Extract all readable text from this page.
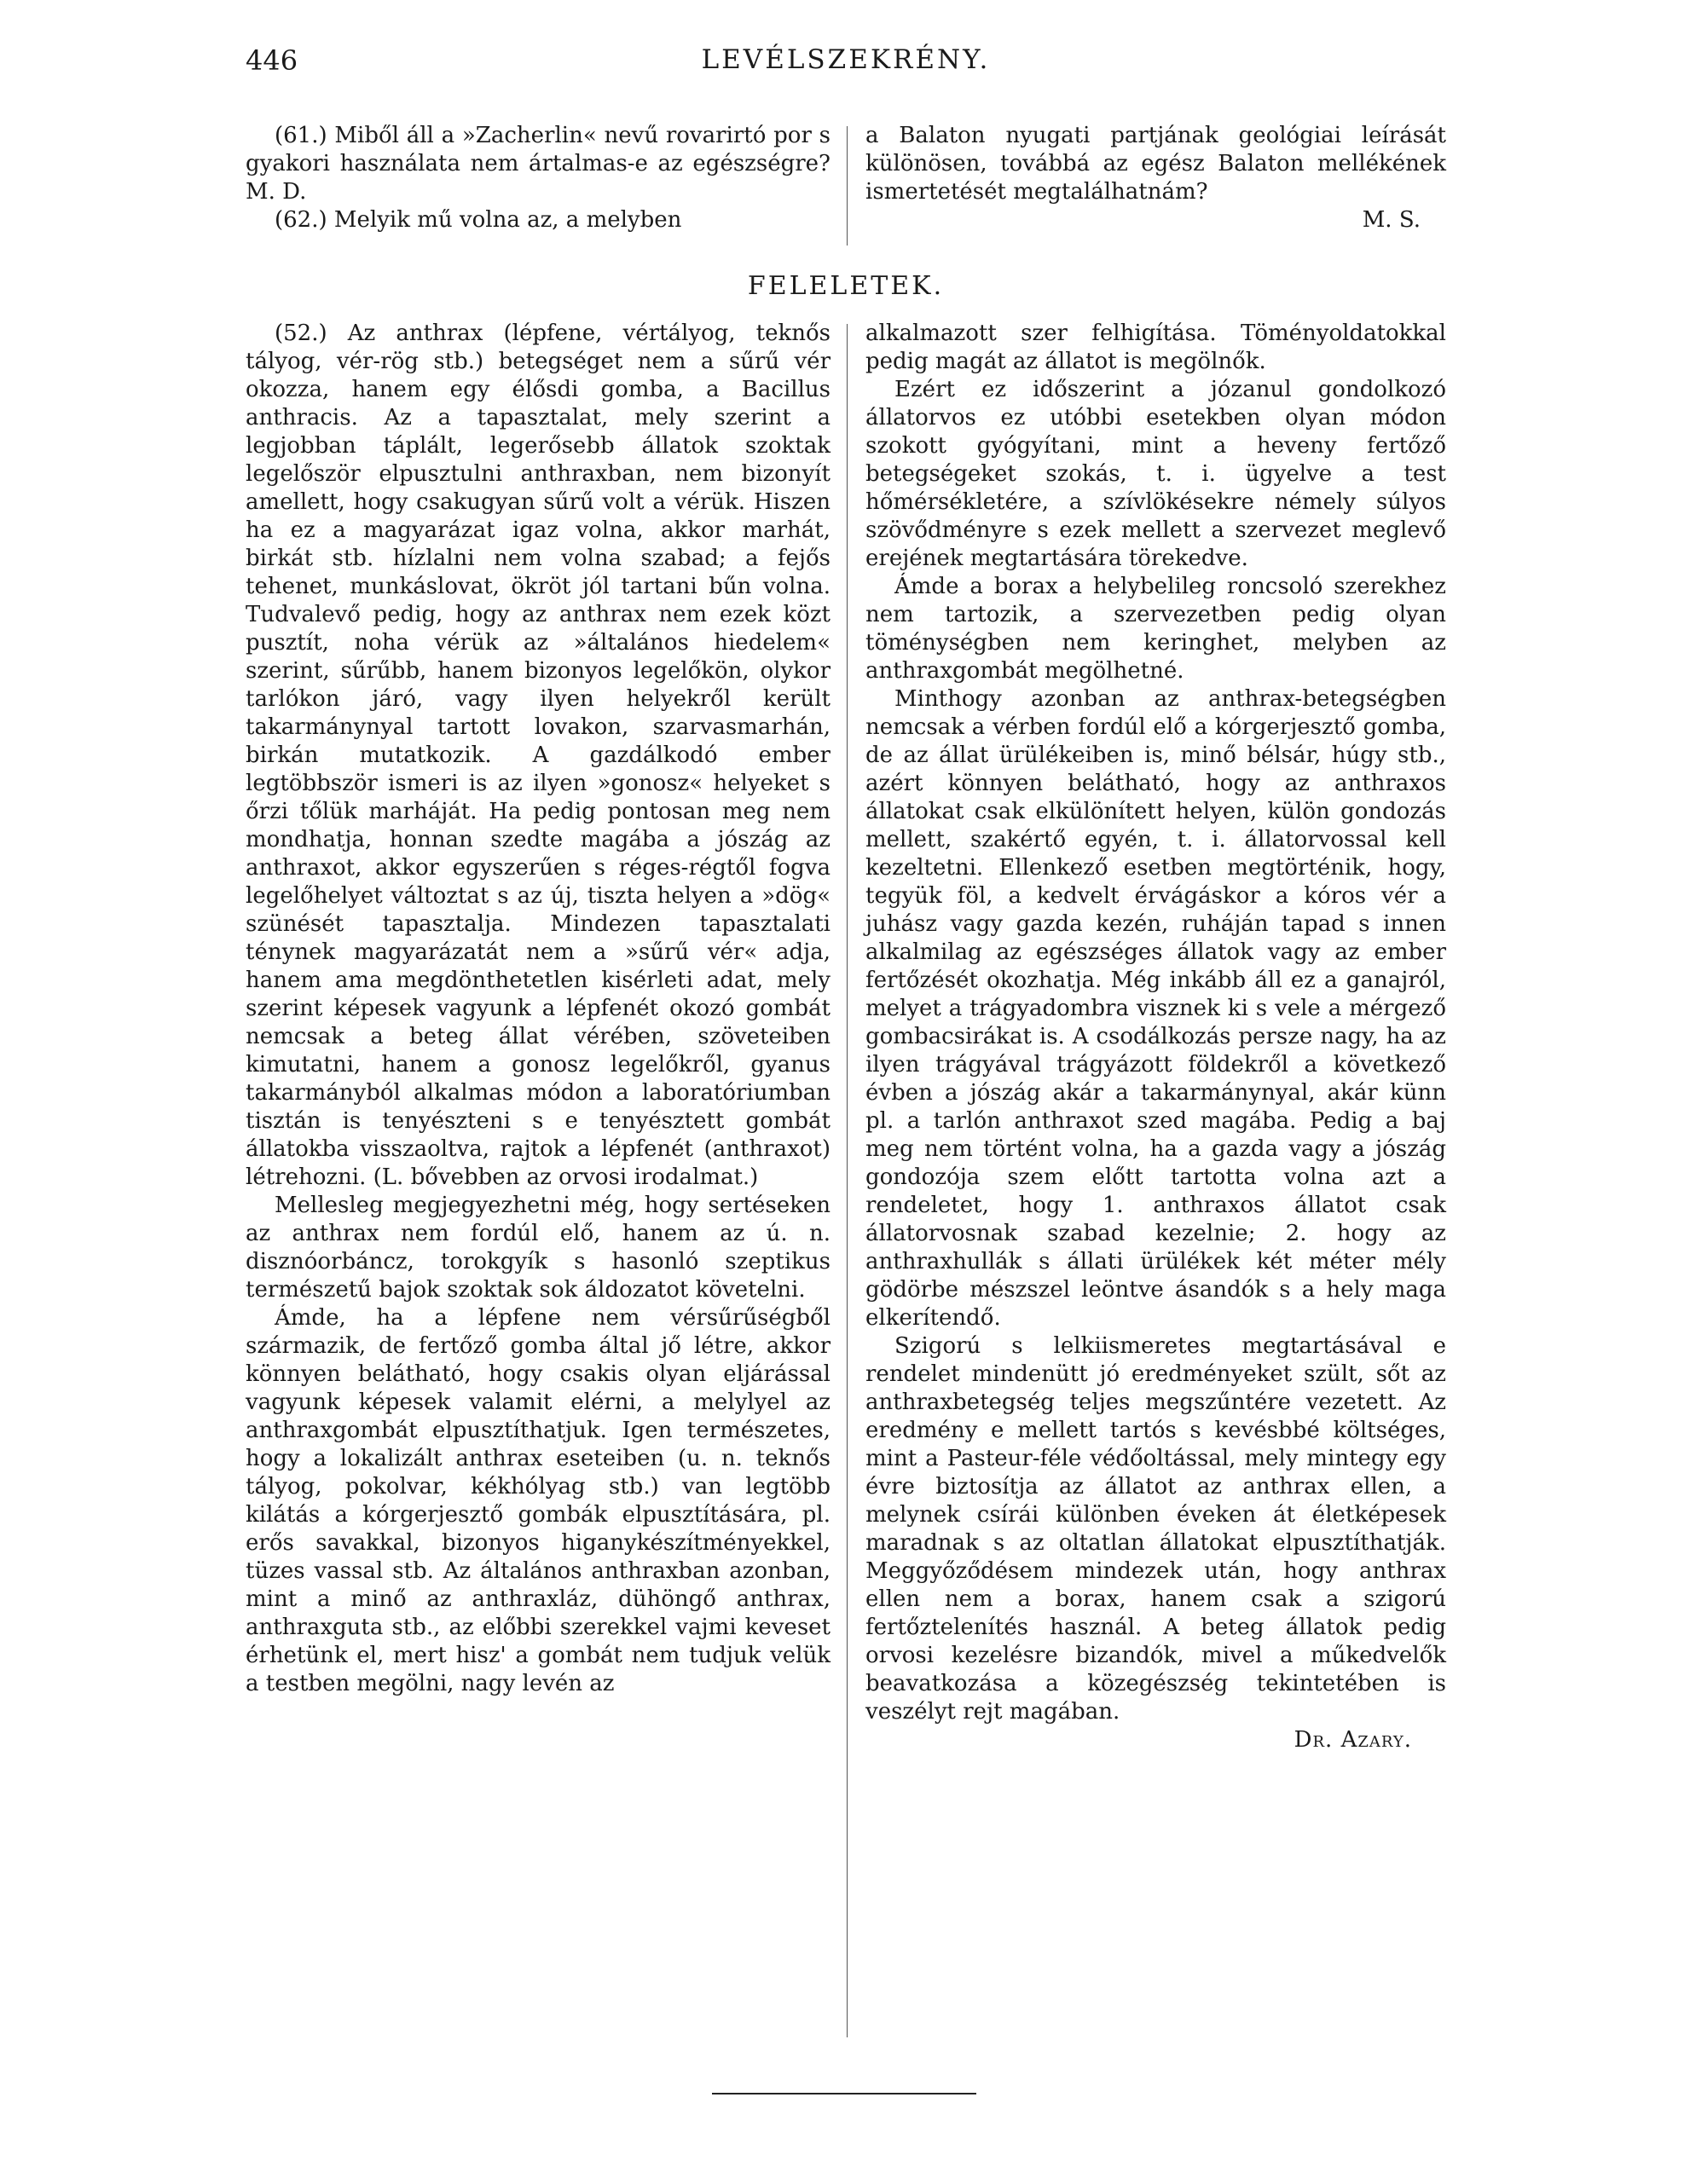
446	LEVÉLSZEKRÉNY.

(61.) Miből áll a »Zacherlin« nevű rovarirtó por s gyakori használata nem ártalmas-e az egészségre? M. D.

(62.) Melyik mű volna az, a melyben

a Balaton nyugati partjának geológiai leírását különösen, továbbá az egész Balaton mellékének ismertetését megtalálhatnám?

M. S.

FELELETEK.

(52.) Az anthrax (lépfene, vértályog, teknős tályog, vér-rög stb.) betegséget nem a sűrű vér okozza, hanem egy élősdi gomba, a Bacillus anthracis. Az a tapasztalat, mely szerint a legjobban táplált, legerősebb állatok szoktak legelőször elpusztulni anthraxban, nem bizonyít amellett, hogy csakugyan sűrű volt a vérük. Hiszen ha ez a magyarázat igaz volna, akkor marhát, birkát stb. hízlalni nem volna szabad; a fejős tehenet, munkáslovat, ökröt jól tartani bűn volna. Tudvalevő pedig, hogy az anthrax nem ezek közt pusztít, noha vérük az »általános hiedelem« szerint, sűrűbb, hanem bizonyos legelőkön, olykor tarlókon járó, vagy ilyen helyekről került takarmánynyal tartott lovakon, szarvasmarhán, birkán mutatkozik. A gazdálkodó ember legtöbbször ismeri is az ilyen »gonosz« helyeket s őrzi tőlük marháját. Ha pedig pontosan meg nem mondhatja, honnan szedte magába a jószág az anthraxot, akkor egyszerűen s réges-régtől fogva legelőhelyet változtat s az új, tiszta helyen a »dög« szünését tapasztalja. Mindezen tapasztalati ténynek magyarázatát nem a »sűrű vér« adja, hanem ama megdönthetetlen kisérleti adat, mely szerint képesek vagyunk a lépfenét okozó gombát nemcsak a beteg állat vérében, szöveteiben kimutatni, hanem a gonosz legelőkről, gyanus takarmányból alkalmas módon a laboratóriumban tisztán is tenyészteni s e tenyésztett gombát állatokba visszaoltva, rajtok a lépfenét (anthraxot) létrehozni. (L. bővebben az orvosi irodalmat.)

Mellesleg megjegyezhetni még, hogy sertéseken az anthrax nem fordúl elő, hanem az ú. n. disznóorbáncz, torokgyík s hasonló szeptikus természetű bajok szoktak sok áldozatot követelni.

Ámde, ha a lépfene nem vérsűrűségből származik, de fertőző gomba által jő létre, akkor könnyen belátható, hogy csakis olyan eljárással vagyunk képesek valamit elérni, a melylyel az anthraxgombát elpusztíthatjuk. Igen természetes, hogy a lokalizált anthrax eseteiben (u. n. teknős tályog, pokolvar, kékhólyag stb.) van legtöbb kilátás a kórgerjesztő gombák elpusztítására, pl. erős savakkal, bizonyos higanykészítményekkel, tüzes vassal stb. Az általános anthraxban azonban, mint a minő az anthraxláz, dühöngő anthrax, anthraxguta stb., az előbbi szerekkel vajmi keveset érhetünk el, mert hisz' a gombát nem tudjuk velük a testben megölni, nagy levén az

alkalmazott szer felhigítása. Töményoldatokkal pedig magát az állatot is megölnők.

Ezért ez időszerint a józanul gondolkozó állatorvos ez utóbbi esetekben olyan módon szokott gyógyítani, mint a heveny fertőző betegségeket szokás, t. i. ügyelve a test hőmérsékletére, a szívlökésekre némely súlyos szövődményre s ezek mellett a szervezet meglevő erejének megtartására törekedve.

Ámde a borax a helybelileg roncsoló szerekhez nem tartozik, a szervezetben pedig olyan töménységben nem keringhet, melyben az anthraxgombát megölhetné.

Minthogy azonban az anthrax-betegségben nemcsak a vérben fordúl elő a kórgerjesztő gomba, de az állat ürülékeiben is, minő bélsár, húgy stb., azért könnyen belátható, hogy az anthraxos állatokat csak elkülönített helyen, külön gondozás mellett, szakértő egyén, t. i. állatorvossal kell kezeltetni. Ellenkező esetben megtörténik, hogy, tegyük föl, a kedvelt érvágáskor a kóros vér a juhász vagy gazda kezén, ruháján tapad s innen alkalmilag az egészséges állatok vagy az ember fertőzését okozhatja. Még inkább áll ez a ganajról, melyet a trágyadombra visznek ki s vele a mérgező gombacsirákat is. A csodálkozás persze nagy, ha az ilyen trágyával trágyázott földekről a következő évben a jószág akár a takarmánynyal, akár künn pl. a tarlón anthraxot szed magába. Pedig a baj meg nem történt volna, ha a gazda vagy a jószág gondozója szem előtt tartotta volna azt a rendeletet, hogy 1. anthraxos állatot csak állatorvosnak szabad kezelnie; 2. hogy az anthraxhullák s állati ürülékek két méter mély gödörbe mészszel leöntve ásandók s a hely maga elkerítendő.

Szigorú s lelkiismeretes megtartásával e rendelet mindenütt jó eredményeket szült, sőt az anthraxbetegség teljes megszűntére vezetett. Az eredmény e mellett tartós s kevésbbé költséges, mint a Pasteur-féle védőoltással, mely mintegy egy évre biztosítja az állatot az anthrax ellen, a melynek csírái különben éveken át életképesek maradnak s az oltatlan állatokat elpusztíthatják. Meggyőződésem mindezek után, hogy anthrax ellen nem a borax, hanem csak a szigorú fertőztelenítés használ. A beteg állatok pedig orvosi kezelésre bizandók, mivel a műkedvelők beavatkozása a közegészség tekintetében is veszélyt rejt magában.

Dr. Azary.
